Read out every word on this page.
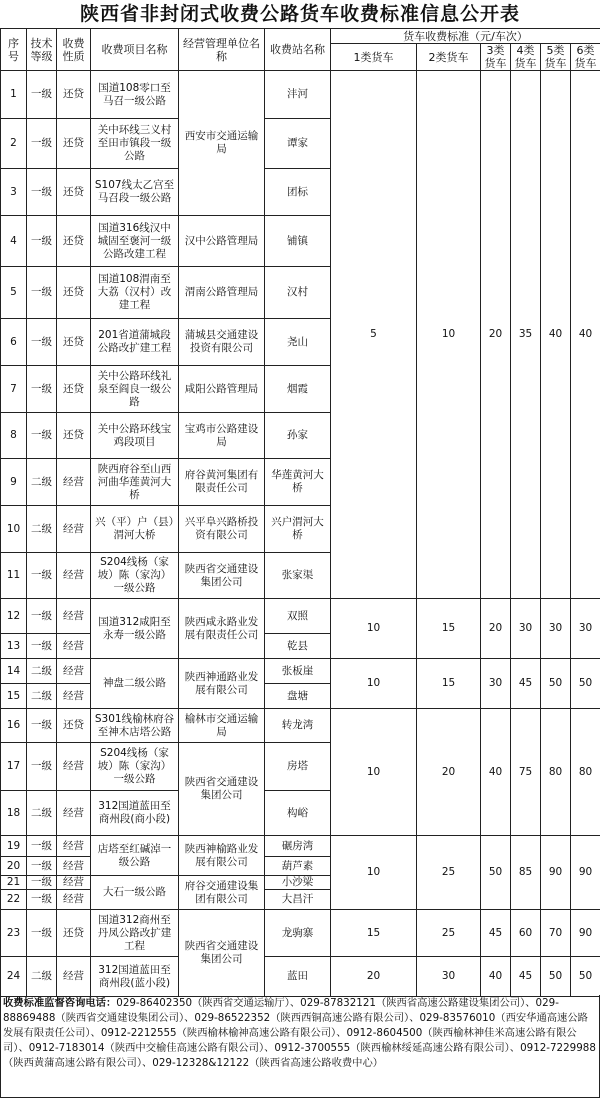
陕西省非封闭式收费公路货车收费标准信息公开表
序号	技术等级	收费性质	收费项目名称	经营管理单位名称	收费站名称	货车收费标准（元/车次）					
						1类货车	2类货车	3类货车	4类货车	5类货车	6类货车
1	一级	还贷	国道108零口至马召一级公路	西安市交通运输局	沣河	5	10	20	35	40	40
2	一级	还贷	关中环线三义村至田市镇段一级公路		谭家						
3	一级	还贷	S107线太乙宫至马召段一级公路		团标						
4	一级	还贷	国道316线汉中城固至褒河一级公路改建工程	汉中公路管理局	铺镇						
5	一级	还贷	国道108渭南至大荔（汉村）改建工程	渭南公路管理局	汉村						
6	一级	还贷	201省道蒲城段公路改扩建工程	蒲城县交通建设投资有限公司	尧山						
7	一级	还贷	关中公路环线礼泉至阎良一级公路	咸阳公路管理局	烟霞						
8	一级	还贷	关中公路环线宝鸡段项目	宝鸡市公路建设局	孙家						
9	二级	经营	陕西府谷至山西河曲华莲黄河大桥	府谷黄河集团有限责任公司	华莲黄河大桥						
10	二级	经营	兴（平）户（县）渭河大桥	兴平阜兴路桥投资有限公司	兴户渭河大桥						
11	一级	经营	S204线杨（家坡）陈（家沟）一级公路	陕西省交通建设集团公司	张家渠						
12	一级	经营	国道312咸阳至永寿一级公路	陕西咸永路业发展有限责任公司	双照	10	15	20	30	30	30
13	一级	经营			乾县						
14	二级	经营	神盘二级公路	陕西神通路业发展有限公司	张板崖	10	15	30	45	50	50
15	二级	经营			盘塘						
16	一级	还贷	S301线榆林府谷至神木店塔公路	榆林市交通运输局	转龙湾	10	20	40	75	80	80
17	一级	经营	S204线杨（家坡）陈（家沟）一级公路	陕西省交通建设集团公司	房塔						
18	二级	经营	312国道蓝田至商州段(商小段)		构峪						
19	一级	经营	店塔至红碱淖一级公路	陕西神榆路业发展有限公司	碾房湾	10	25	50	85	90	90
20	一级	经营			葫芦素						
21	一级	经营	大石一级公路	府谷交通建设集团有限公司	小沙梁						
22	一级	经营			大昌汗						
23	一级	还贷	国道312商州至丹凤公路改扩建工程	陕西省交通建设集团公司	龙驹寨	15	25	45	60	70	90
24	二级	经营	312国道蓝田至商州段(蓝小段)		蓝田	20	30	40	45	50	50
收费标准监督咨询电话：029-86402350（陕西省交通运输厅）、029-87832121（陕西省高速公路建设集团公司）、029-88869488（陕西省交通建设集团公司）、029-86522352（陕西西铜高速公路有限公司）、029-83576010（西安华通高速公路发展有限责任公司）、0912-2212555（陕西榆林榆神高速公路有限公司）、0912-8604500（陕西榆林神佳米高速公路有限公司）、0912-7183014（陕西中交榆佳高速公路有限公司）、0912-3700555（陕西榆林绥延高速公路有限公司）、0912-7229988（陕西黄蒲高速公路有限公司）、029-12328&12122（陕西省高速公路收费中心）
